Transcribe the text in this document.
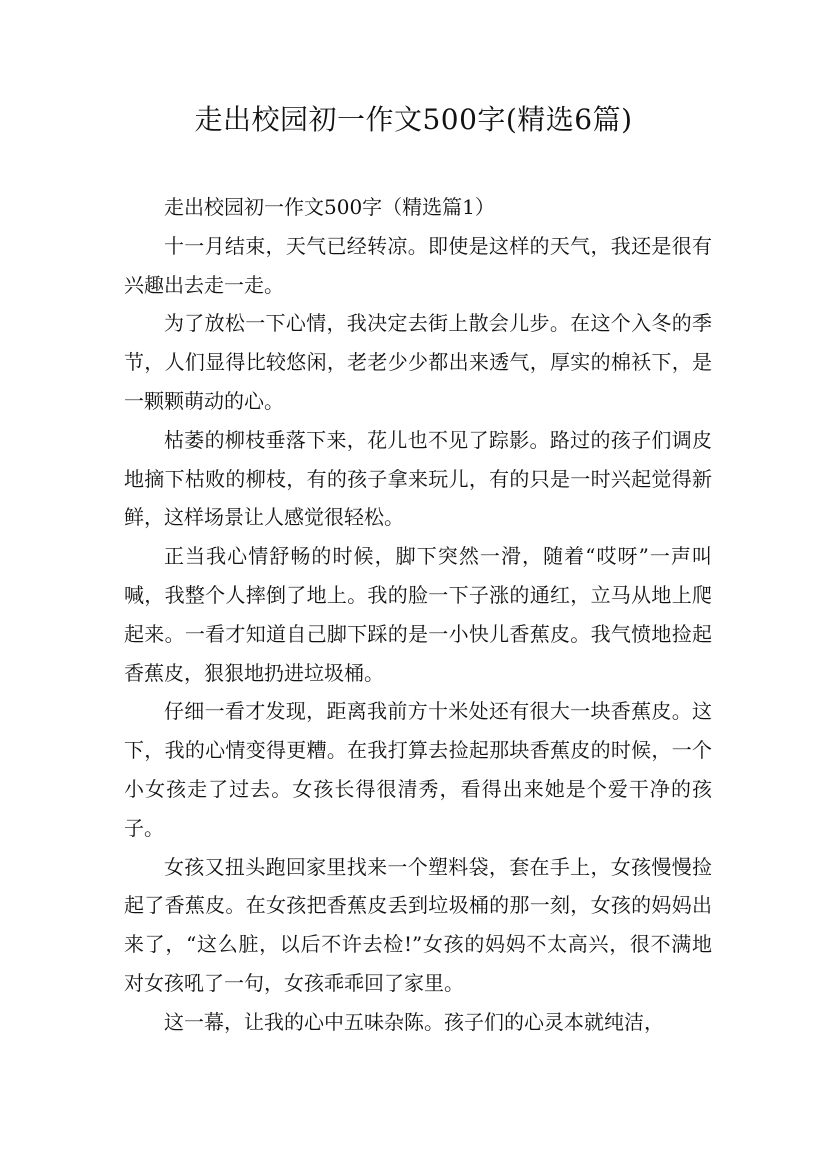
走出校园初一作文500字(精选6篇)

走出校园初一作文500字（精选篇1）

十一月结束，天气已经转凉。即使是这样的天气，我还是很有兴趣出去走一走。

为了放松一下心情，我决定去街上散会儿步。在这个入冬的季节，人们显得比较悠闲，老老少少都出来透气，厚实的棉袄下，是一颗颗萌动的心。

枯萎的柳枝垂落下来，花儿也不见了踪影。路过的孩子们调皮地摘下枯败的柳枝，有的孩子拿来玩儿，有的只是一时兴起觉得新鲜，这样场景让人感觉很轻松。

正当我心情舒畅的时候，脚下突然一滑，随着“哎呀”一声叫喊，我整个人摔倒了地上。我的脸一下子涨的通红，立马从地上爬起来。一看才知道自己脚下踩的是一小快儿香蕉皮。我气愤地捡起香蕉皮，狠狠地扔进垃圾桶。

仔细一看才发现，距离我前方十米处还有很大一块香蕉皮。这下，我的心情变得更糟。在我打算去捡起那块香蕉皮的时候，一个小女孩走了过去。女孩长得很清秀，看得出来她是个爱干净的孩子。

女孩又扭头跑回家里找来一个塑料袋，套在手上，女孩慢慢捡起了香蕉皮。在女孩把香蕉皮丢到垃圾桶的那一刻，女孩的妈妈出来了，“这么脏，以后不许去检!”女孩的妈妈不太高兴，很不满地对女孩吼了一句，女孩乖乖回了家里。

这一幕，让我的心中五味杂陈。孩子们的心灵本就纯洁，
